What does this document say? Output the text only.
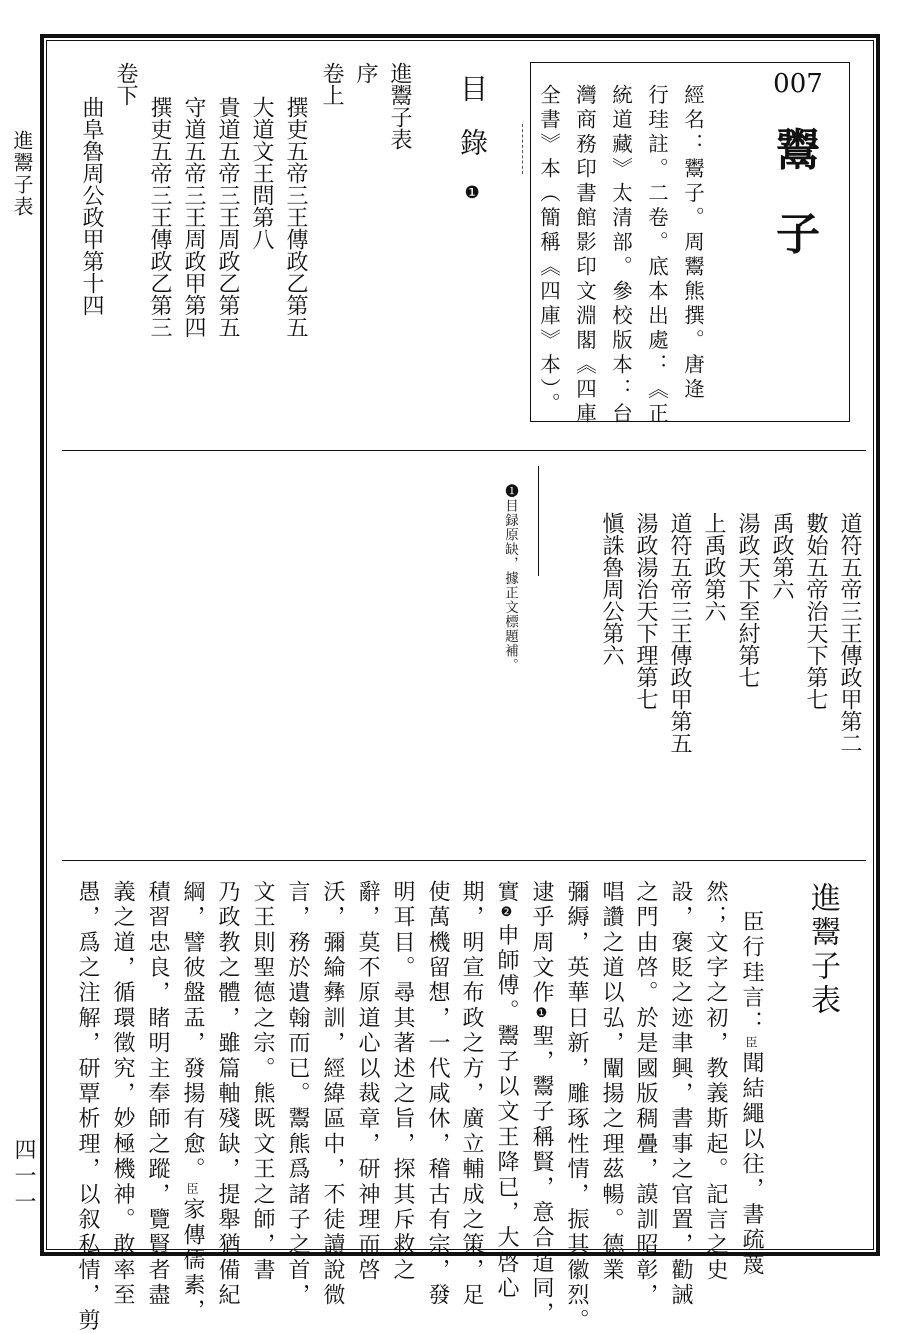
進鬻子表
四一一
007
鬻
子
經名：鬻子。周鬻熊撰。唐逄
行珪註。二卷。底本出處：《正
統道藏》太清部。參校版本：台
灣商務印書館影印文淵閣《四庫
全書》本（簡稱《四庫》本）。
目錄❶
進鬻子表
序
卷上
　撰吏五帝三王傳政乙第五
　大道文王問第八
　貴道五帝三王周政乙第五
　守道五帝三王周政甲第四
　撰吏五帝三王傳政乙第三
卷下
　曲阜魯周公政甲第十四
道符五帝三王傳政甲第二
數始五帝治天下第七
禹政第六
湯政天下至紂第七
上禹政第六
道符五帝三王傳政甲第五
湯政湯治天下理第七
愼誅魯周公第六
❶目録原缺，據正文標題補。
進鬻子表
臣行珪言：臣聞結繩以往，書疏蔑
然；文字之初，教義斯起。記言之史
設，褒貶之迹聿興，書事之官置，勸誡
之門由啓。於是國版稠疊，謨訓昭彰，
唱讚之道以弘，闡揚之理茲暢。德業
彌縟，英華日新，雕琢性情，振其徽烈。
逮乎周文作❶聖，鬻子稱賢，意合道同，
實❷申師傅。鬻子以文王降已，大啓心
期，明宣布政之方，廣立輔成之策，足
使萬機留想，一代咸休，稽古有宗，發
明耳目。尋其著述之旨，探其斥救之
辭，莫不原道心以裁章，研神理而啓
沃，彌綸彝訓，經緯區中，不徒讀說微
言，務於遺翰而已。鬻熊爲諸子之首，
文王則聖德之宗。熊既文王之師，書
乃政教之體，雖篇軸殘缺，提舉猶備紀
綱，譬彼盤盂，發揚有愈。臣家傳儒素，
積習忠良，睹明主奉師之蹤，覽賢者盡
義之道，循環徵究，妙極機神。敢率至
愚，爲之注解，研覃析理，以叙私情，剪
